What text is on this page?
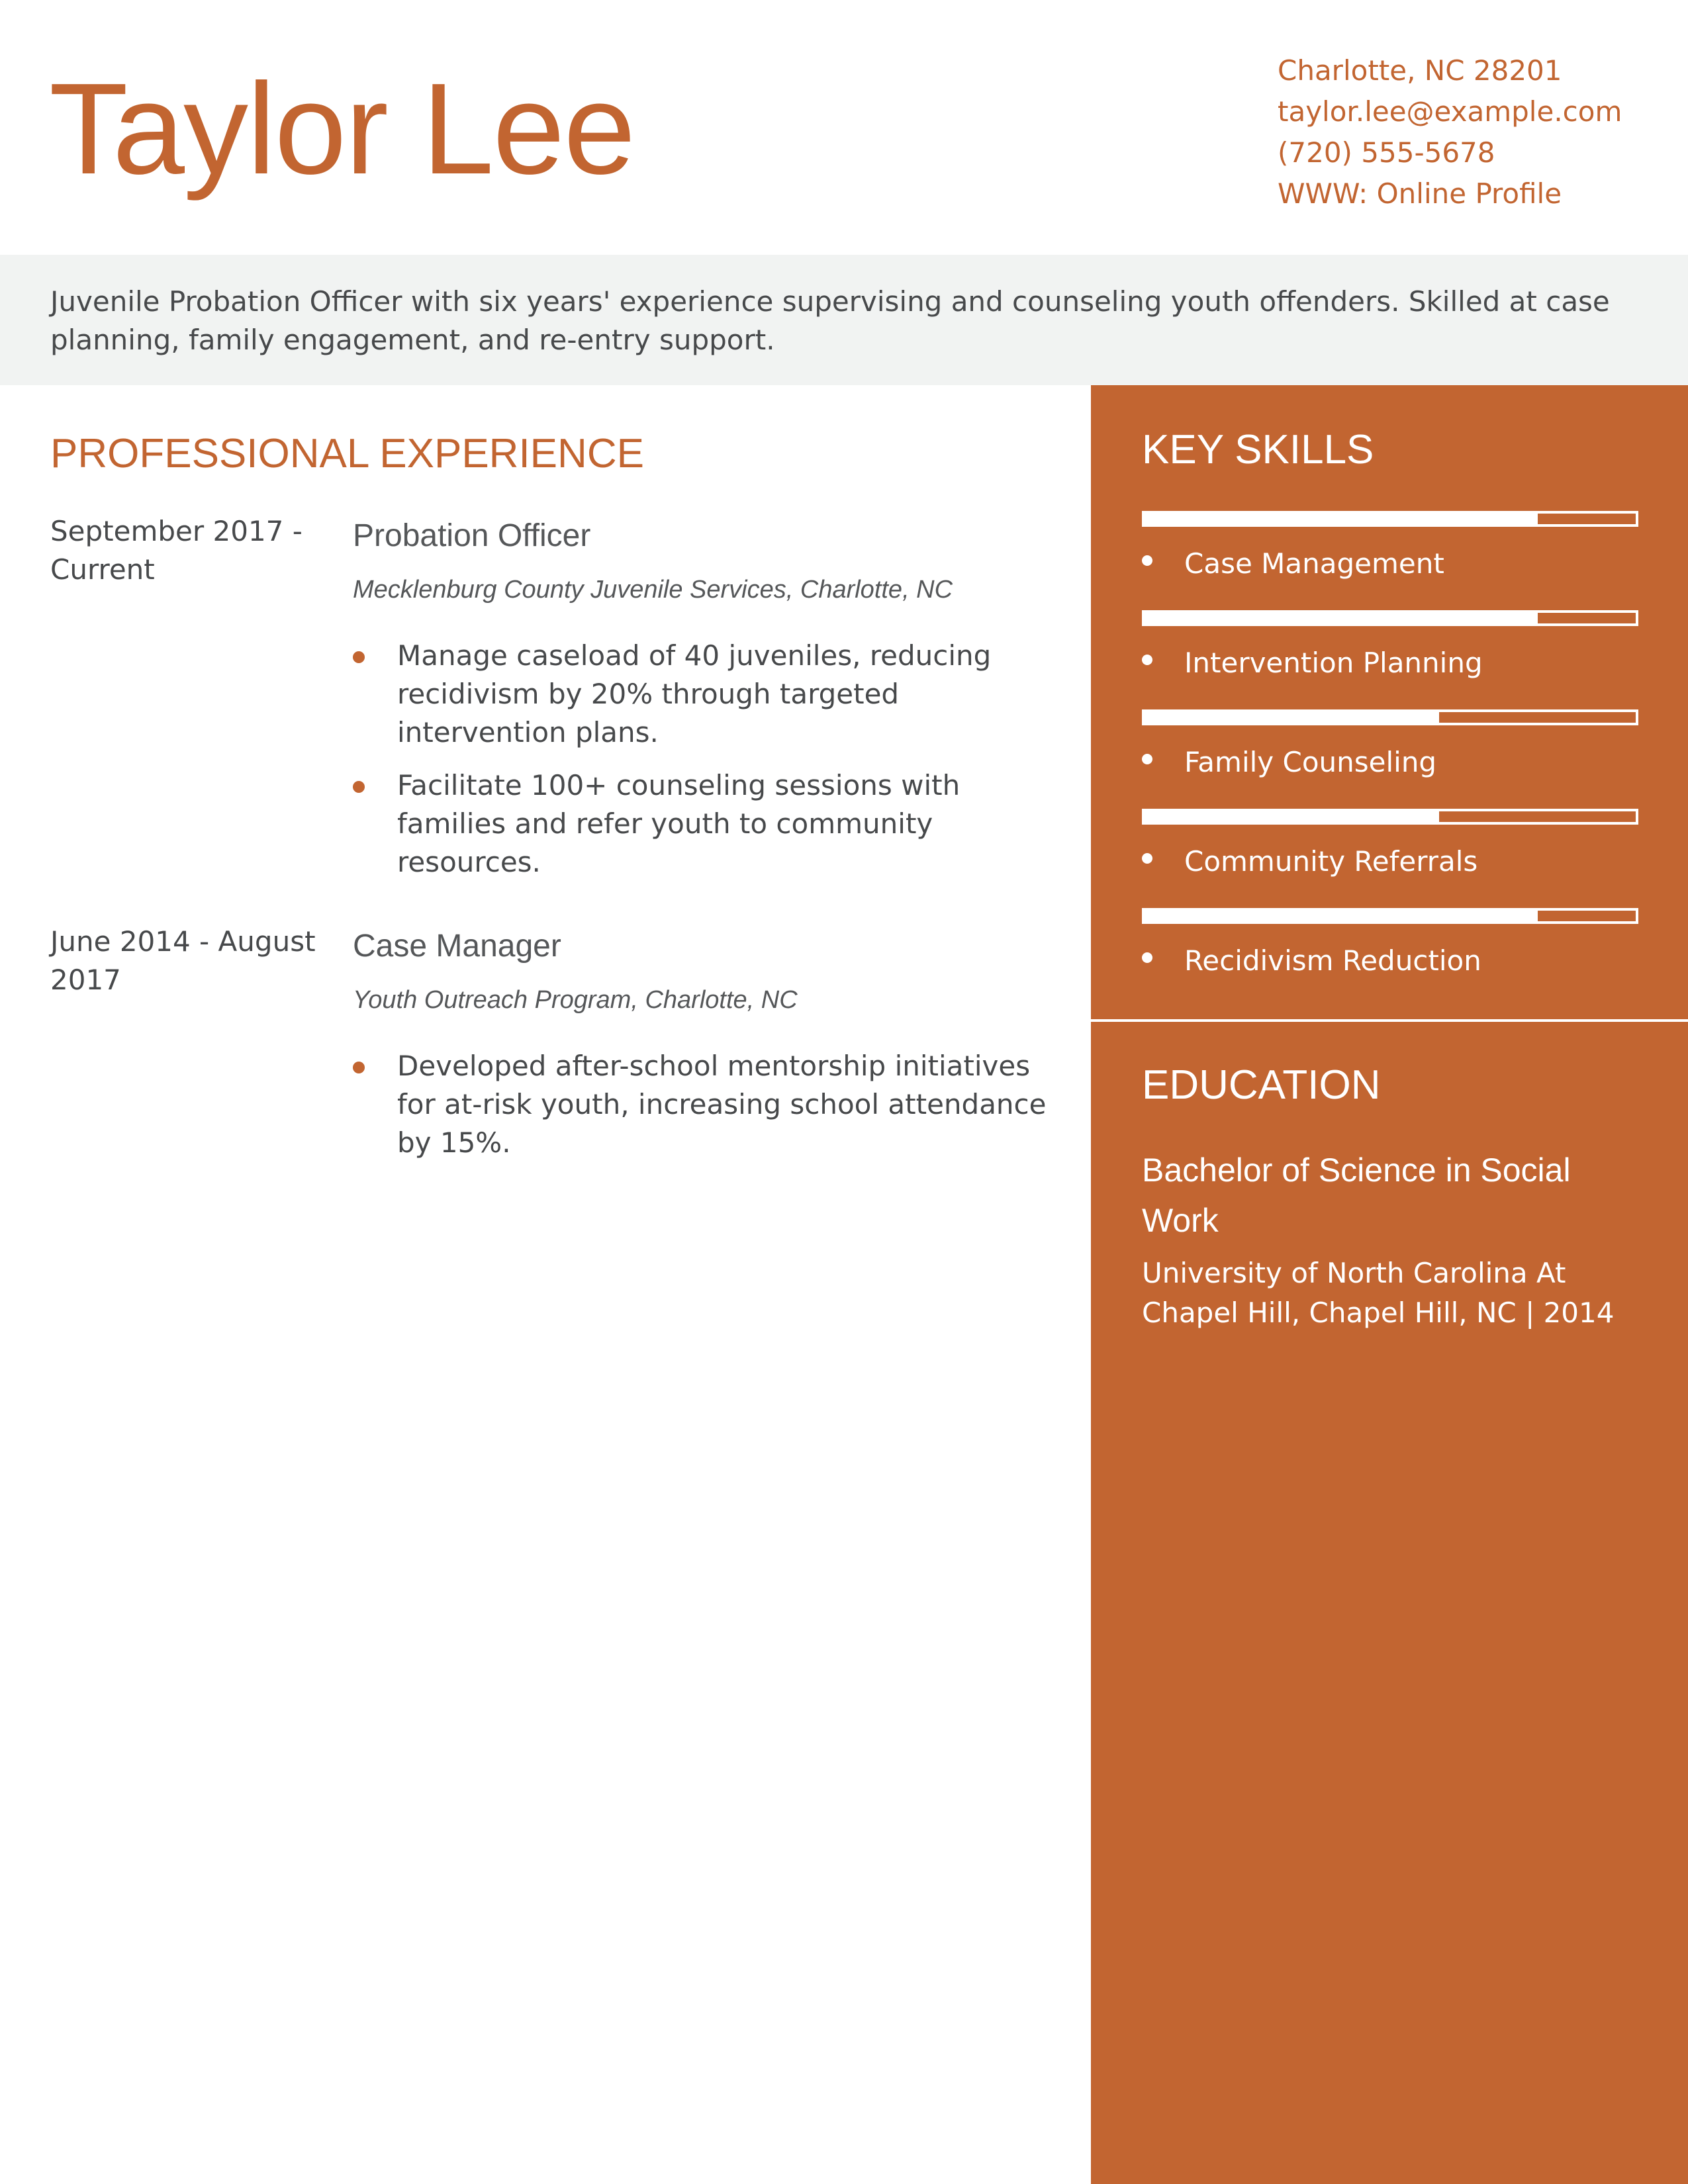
Taylor Lee	Charlotte, NC 28201
taylor.lee@example.com
(720) 555-5678
WWW: Online Profile
Juvenile Probation Officer with six years' experience supervising and counseling youth offenders. Skilled at case planning, family engagement, and re-entry support.
PROFESSIONAL EXPERIENCE
September 2017 - Current
Probation Officer
Mecklenburg County Juvenile Services, Charlotte, NC
Manage caseload of 40 juveniles, reducing recidivism by 20% through targeted intervention plans.
Facilitate 100+ counseling sessions with families and refer youth to community resources.
June 2014 - August 2017
Case Manager
Youth Outreach Program, Charlotte, NC
Developed after-school mentorship initiatives for at-risk youth, increasing school attendance by 15%.
KEY SKILLS
Case Management
Intervention Planning
Family Counseling
Community Referrals
Recidivism Reduction
EDUCATION
Bachelor of Science in Social Work
University of North Carolina At Chapel Hill, Chapel Hill, NC | 2014
